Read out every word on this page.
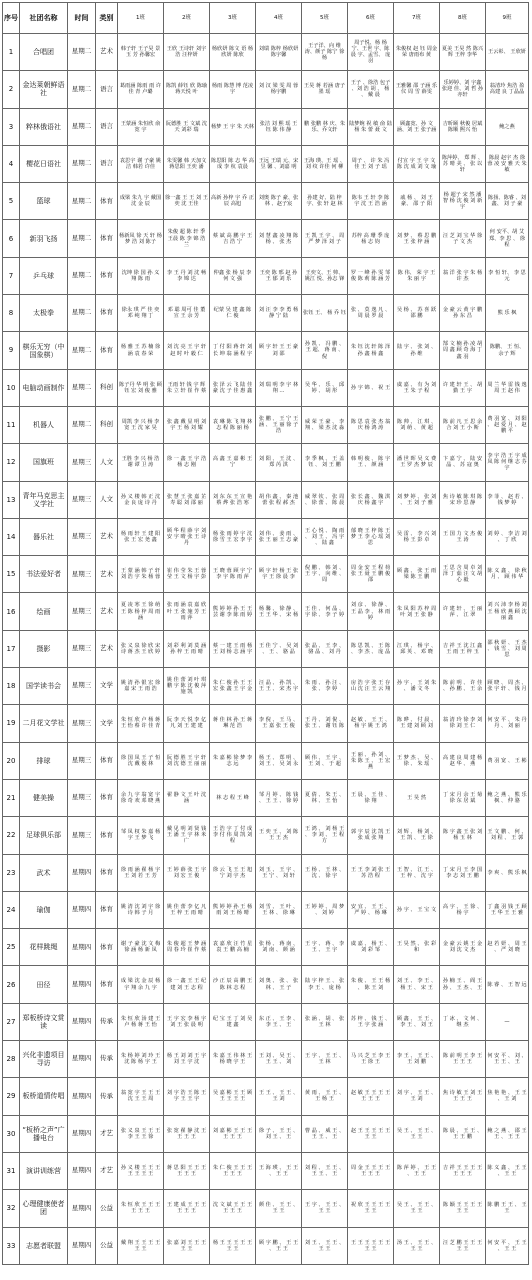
序号	社团名称	时间	类别	1班	2班	3班	4班	5班	6班	7班	8班	9班
1	合唱团	星期二	艺术	韩子轩 王子昊 景玉 芳 孙馨宏	王欣 王诗轩 刘宇浩 汪梓妍	杨欣妍 陈文 语 杨欣妍 陈欣	刘瑞 陈梓 杨欣妍 陈宇馨	王子洋、向 维涛、颜子 陈宁 徐杨	周子悦、杨 杨宁、王世 宇、陈晨 宇、孟雪、 庞羽	朱俊权 赵 钰 周金荣 唐雨布 黄	夏美 王昊 然 陈兴辉 王梓 李华	王云彰、 王欣妍
2	金达莱朝鲜语社	星期二	语言	葛雨涵 陈雨 雨 许佳 青 卢璐	陈凯 薛钰 欣 陈瑜 蒋天悦 叶	杨雨 陈慧 博 范凌宇	刘 汉 梁 雯 周 蓉 杨宇鹏	王昊 蒋 若涵 唐子 墨 瑶	王子 、徐浩 包子 、刘 浩 胡 、 杨 、 戴 晨	王雅馨 邵 子涵 乐仪 周 雪 薛雯	乐婷婷、刘 宇鑫 张迎 佳、刘 哲 孙亦轩	翁清玲 焦浩 盈 高建 良 丁晶晶
3	粹林俄语社	星期二	语言	王蒙涵 朱恒欣 俞宽 宇	阮德胜 王 文斌 沈 天 刘彩 瑞	杨梦 王 宇 朱 天林	张洁 刘 熙 瑶 王 钰 陈 伟 静	鹏 张鹏 林 庆、朱 乐、乔文轩	陆梦婉 祝 敏 俞 陆 杨 朱 蕾 聂 文	顾鑫宽、孙 文涵、刘 王 张子涵	吉昕颐 秋俊 居斌 陈顺 熙兴 怡	鲍之燕
4	樱花日语社	星期二	语言	袁思宇 谢 子豪 姚洁 韩若 许佳	朱雯馨 韩 天加文 蒋思阳 王奕 潘	陈思阳 陈 志 华 高成 李 杭 袁晨	王远 王瑞 元、宋昱 馨 、刘嘉 明	王海 瑛、王 瑶 、 刘 纹 许佳 何 柳	周子 、 许 朱 冯 佳 王 刘 子 瑶	付宣 宇 王 宇 文 陈 沈 成 刘 文 瑜	陈萍婷、 郑 辉 、 苏 晴 美 、 张 以 轩	陈晨 赵宇 杰 徐蓉 凌 安 雅 天 朱 敏
5	篮球	星期二	体育	成梁 朱九 宇 戴国 沈 金 辰	徐一鑫 王 王 刘 王奕 沈 王佳	高新 孙梓 宇 乔 正辰 高旭	刘奥 陈子 豪、张 林 、赵子宸	孙建 好、陆 梓 宇、张 轩 赵 林	陈韦 王 轩 李 陈 宇 沈 王 浩 涵	戚 杨 、 刘 王 豪、 邵 子 阳	杨 超子 宋 然 潘 智 杨 沈 俊 刘 新 宇	陈扬、陈睿 、刘鑫、 刘 子 豪
6	新羽飞扬	星期二	体育	杨新凤 徐 天 轩 杨梦 浩 刘 陈子	朱俊 超 陈 轩 季 王晨 陈 李 锦 浩 兰	蔡 斌 高 鹏 宇 王 吉 浩 宁	刘 慧 鑫 凌 翔 陈 杨 、 张 杰	王 凯 王 宇 、 周 严 梦 泽 刘 子	苏梓 高 珊 季 庞 杨 志 钧	刘 梦 、 蔡 思 鹏 王 张 梓 涵	汪 芝 刘 宝 华 徐 子 文 杰	何 安平、胡 艾 郑、李 思 、 徐 程
7	乒乓球	星期二	体育	沈坤 徐 国 孙 义 翔 陈 雨	李 王 丹 刘 沈 畅 李 锦 达	仲鑫 张 杨 辰 李 何 文 强	王奕 陈 邢 赵 孙 王 郁 刘 乐	王奕文、王 帅、姚江 悦、孙志 锋	罗 一 峰 孙 雯 邹 俊 陈 莉 陈 涵 芳	陈 伟、 荣 宇 王 朱 丽 宇	翁 洋 张 宇 朱 杨 许 杰	李 恒 轩、 李 思 元
8	太极拳	星期二	体育	徐永 琪 严 佳 奕 邓 纯 翔 丁	邓 聪 周可 佳 董 宣 王 余 芳	纪蒙 吴 建 鑫 陈 仁 俊	刘 汪 李 李 勇 杨 静 宁 陆	张钰 王、 杨 乔 钰	张 、 莫 逸 凡 、 周 晨 罗 晨	吴 杨 、 苏 喜 跃 邵 鹏	金 豪 云 黄 宇 鹏 孙 东 昌	熊 乐 枫
9	棋乐无穷（中国象棋）	星期二	体育	杨 雅 王 苏 楠 徐 涵 袁 春 荣	刘 沈 亮 王 宇 轩 赵 时 叶 毅 仁	丁 付 阳 蒋 轩 刘 长 坤 翁 涵 程 宇	顾 宇 轩 王 王 豪 刘 邵	孙 凯 、 冯 鹏 、 王 超、 蒋 南 、 倪	朱 钰 沈 轩 陈 泽 孙 鑫 杨 鑫	陆 宇 、 张 刘 、 孙 维	郜 文 楠 孙 凌 胡 周 鑫 顾 奇 海 丁 鑫 羽	陈鹏、 王 恒、 余子 辉
10	电脑动画制作	星期二	科创	陈子丹 华 明 张 顾 钰 宏 刘 俊 雅	王雨 轩 钱 宇 辉 朱 立 轩 崔 作 蔡	张 泽 云 飞 陆 佳 豪 沈 子 佳 惠 鑫	刘 瑞 明 李 宇 林 翔 ...	吴 华 、 乐 、 邱 婷 、 胡 彤	孙 宇 锦 、 祝 王	虞 嘉 、 有 为 刘 王 朱 子 程	许 建 轩 王 、 胡 勤 王 宇	周 兰 华 雷 钱 逸 周 王 赵 伟
11	机器人	星期二	科创	周凯 李 兴 杨 李 宽 王 沈 家 昊	张 鑫 戴 显 明 刘 宇 王 杨 刘 耀	袁 琳 陈 飞 翔 林 志 程 陈 丽 杨	张 鹏 、 王 宁 王 涵 、 王 丽 徐 子 浩	威 荣 王 豪 、 李 翔 、 梁 杰 沈 淼	陈 思 袁 张 杰 翁 庆 杨 鸿 涛	陈 帅 、 江 琪 、 刘 萌 、 黄 超	陈 前 凡 王 思 余 合 刘 王 小 斯	费 羽 宽 、 刘 阳 、 赵 爱 月 、 赵 鹏 平
12	国旗班	星期三	人文	王胜 李 兴 杨 浩 谢 谭 卫 涛	徐 一 鑫 王 宇 浩 杨 志 刚	高 鑫 王 嘉 彬 王 宁	刘 阳 、 王 沈 、 郑 芮 淇	李 季 枫 、 王 盖 钰 、 刘 王 鹏	韩 明 俊 、 陈 宇 王 、 颜 涵	潘 世 晖 吴 义 费 王 罗 杰 梦 辰	卞 嘉 宁 、 陆 安 晶 、 苏 寇 奥	李 宇 浩 王 宇 成 凤 陈 何 继 志 芬 宇
13	青年马克思主义学社	星期三	人文	孙 义 楼 韩 正 沈 金 良 庞 诗 丹	张 慧 王 张 嘉 芷 寿 聪 刘 邵 丽	刘 东 东 王 宣 艳 蔡 烨 张 浩 寒	胡 伟 鑫 、 秦 池 蕾 张 程 郝 杰	威 翠 钦 、 张 周 、 徐 蕾 、 陈 晨	张 长 鑫 、 魏 淇 庆 杨 鑫 宇	刘 梦 婷 、 张 刘 、 王 刘 子 雅	焦 诗 敏 陈 琪 陈 宋 珍 思 静	李 菲 、 赵 若 、 钱 梦 婷
14	器乐社	星期三	艺术	杨 雨 轩 王 建 阳 张 王 宏 尧 鑫	顾 华 程 薛 宇 刘 安 宇 晴 张 王 诗 丹	杨 张 雨 婷 宇 沈 徐 雪 王 宏 李 宇	刘 伟 、 姜 雨 、 张 王 丽 王 志 豪	王 心 悦 、 陶 雨 、 刘 王 、 冯 宇 、 陆 鑫	郁 晓 王 梓 陈 王 梦 王 李 心 瑶 刘 思	吴 雷 、 李 兴 刘 杨 王 彭 卓	王 国 力 文 杰 俊 王 涛	刘 婷 、 李 洁 刘 、 丁 欣
15	书法爱好者	星期三	艺术	王 蒙 涵 韩 子 轩 刘 浩 宇 朱 杨 蓉	崔 伟 莹 朱 王 蓉 莹 王 文 杨 宇 彭	王 晓 蓉 顾 宇 宁 李 宇 陈 雨 萍	顾 宇 轩 杨 王 张 宇 王 徐 晨 李	倪 鹏 、 韩 刘 、 王 宇 、 向 维 、 周	周 金 安 王 程 荷 张 王 聂 王 鹏 俊 邵	顾 鑫 、 张 王 雨 梁 陈 王 鹏	王 思 含 周 卓 刘 泽 丁 茹 汪 文 胡 心 毅	陈 义 鑫 、 徐 秋 月 、 顾 伟 华
16	绘画	星期三	艺术	夏 凌 寒 王 徐 萌 王 陈 杨 梓 周 雨 涵	张 雨 涵 袁 嘉 欣 叶 王 张 施 芳 王 雨 萍	熊 婷 婷 孙 王 王 芸 谢 李 陈 雨 婷	杨 馨 、 徐 静 、 王 王 华 、 宋 杨	王 佳 、 何 晶 、 宇 徐 、 李 子 婷	刘 彦 、 徐 静 、 王 晶 李 、 林 雨 婷	朱 凤 阳 苏 梓 周 叶 刘 王 张 静	许 建 轩 、 王 丽 萍 、 江 翠	刘 兴 沛 李 杨 刘 王 杨 欣 燕 顾 沈 丽 鑫
17	摄影	星期三	艺术	张 义 泉 徐 欣 宋 诗 蒋 杰 王 欣 婷	刘 彩 利 刘 莫 涵 孙 梓 王 雨 晴	蔡 一 建 王 雨 杨 王 刘 杨 志 涵 宇	王 佳 宁 、 吴 刘 、 王 、 骆 晶	张 晶 、 王 李 、 骆 晶 、 刘 丹	陈 思 凯 、 王 陈 、 李 杰 、 庞 晶	江 琪 、 杨 宇 、 邱 英 、 邓 晓	吉 祥 王 沈 江 鑫 王 雨 王 梓 玉	邵 秋 妍 、 王 杰 、 钱 雪 、 刘 周 思
18	国学读书会	星期三	文学	姚 清 孙 银 宏 徐 嘉 宋 王 雨 浩	姚 佳 蕾 刘 叶 琪 鹏 宇 陈 沈 俊 萍 施 凯	朱 仁 俊 孙 王 王 宏 张 鑫 王 宇 金	汪 晶 、 孙 凯 、 王 王 、 宋 杰 宇	朱 雨 、 孙 汪 、 张 、 李 婷	房 浩 宇 张 王 存 山 沈 汪 王 云 翔	孙 宇 、 王 刘 朱 、 潘 文 冬	陈 前 明 、 许 佳 、 孙 鹏 、 王 余	顾 晓 、 周 杰 、 张 宇 轩 、 钱 月
19	二月花文学社	星期三	文学	朱 恒 欣 卢 杨 蒋 王 怡 蔡 许 佳 青	阮 李 天 悦 李 亿 凡 刘 王 建 建	蒋 佳 林 孙 王 蒋 琳 范 浩	李 倪 、 王 马 、 王 嘉 张 王 俊	王 丹 、 刘 倪 、 张 王 、 谢 钰 陈	赵 敏 、 王 王 、 杨 宇 姚 王 鸿	陈 晔 、 付 晨 、 王 建 刘 顾 刘	翁 清 玲 徐 李 刘 徐 刘 王 仁	何 安 平 、 朱 丹 丹 、 刘 丽
20	排球	星期三	体育	徐 国 凤 王 子 恒 沈 戴 俊 林	阮 德 胜 王 宇 轩 刘 沈 德 王 丽 丽	朱 嘉 彬 徐 梦 李 志 远	杨 王 、 郑 明 、 刘 王 、 吴 刘 永	顾 伟 、 王 宇 、 王 刘 、 于 超	王 丽 、 孙 刘 、 朱 陈 王 、 王 宏 燕	王 梦 杰 、 吴 、 徐 、 朱 瑶	高 建 良 周 建 杨 赵 华 、 燕	费 羽 宽 、 王 彬
21	健美操	星期三	体育	余 九 宇 翁 宽 宇 徐 奇 欢 邓 晓 燕	翟 静 文 王 叶 沈 涵	林 志 程 王 峰	邹 月 婷 、 陈 钱 、 王 王 、 徐 婷	夏 倩 、 朱 王 、 林 、 王 怡	王 晨 、 王 佳 、 徐 翔	王 昊 然	丁 宋 月 余 王 菊 徐 东 居 斌	鲍 之 燕 、 熊 乐 枫 、 仲 骆
22	足球俱乐部	星期三	体育	邹 凤 权 朱 嘉 杨 宇 王 梦 飞	戴 见 明 刘 贤 钱 王 潘 王 宇 林 米 广	王 浩 宇 丁 付 成 李 付 伟 周 凯 刘 程	王 奕 王 、 刘 陈 王 王 杰	王 鸿 、 刘 杨 王 、 李 刘 、 王 程 方	郭 宇 辰 沈 凯 王 张 成 张 翔	刘 辉 、 杨 刘 、 王 凯 、 王 徐	陈 宇 鑫 王 张 刘 杨 玉 林	王 文 鹏 、 何 、 刘 程 、 王 郭
23	武术	星期四	体育	徐 雨 涵 翟 杨 宇 王 刘 若 王 芳	王 婷 薛 张 王 宇 刘 宏 王 俊	徐 云 飞 王 王 旭 宁 刘 宇 杰	刘 玉 、 王 宇 、 王 宁 、 刘 轩	王 杨 、 王 林 、 沈 、 徐 宇	王 王 李 刘 张 王 苏 浩 程	王 智 、 江 王 、 王 梓 、 沈 宇	丁 宋 月 王 李 国 李 志 刘 王 鹏	李 爽 、 熊 乐 枫
24	瑜伽	星期四	体育	姚 清 沈 刘 宇 徐 诗 韩 子 月	姚 佳 蕾 李 亿 凡 王 梓 王 雨 晴	熊 婷 婷 孙 王 杨 雨 刘 王 杨 晴	刘 雪 、 王 叶 、 王 林 、 徐 琳	王 婷 婷 、 周 梦 、 刘 婷	安 宜 、 王 王 、 严 婷 、 杨 琳	孙 宇 、 王 宝 文	高 宇 、 王 徐 、 杨 宇	丁 鑫 羽 钱 王 顾 王 华 王 王 雅
25	花样跳绳	星期四	体育	谢 子 豪 沈 文 梅 徐 涵 杨 新 凤	朱 俊 超 王 梦 涵 周 春 玲 崔 作 蔡	袁 嘉 欣 汪 竹 星 袁 王 鹏 高 楠	张 杨 、 蒋 南 、 刘 南 、 颜 涵	王 宇 、 蒋 、 李 王 、 王 宇	虞 嘉 、 杨 王 、 刘 彩 邹	王 昊 然 、 张 彩 和	金 豪 云 姚 王 金 刘 沈 文 杰	赵 若 妍 、 周 王 、 严 刘 晓
26	田径	星期四	体育	成 梁 沈 金 辰 杨 宇 翔 余 九 宇	徐 一 鑫 王 王 纪 建 刘 王 志 程	沙 正 辰 高 鹏 王 陈 林 志 程	刘 奥 、 张 、 张 林 、 王 子	陆 宇 梓 王 、 张 李 王 、 庞 杨	朱 俊 、 王 王 杨 、 陈 王 刘	刘 王 、 李 王 、 杨 王 、 宋 王	孙 楠 王 、 阎 王 孙 、 王 杰 、 王	陈 睿 、 王 智 远
27	郑板桥诗文赏读	星期四	传承	朱 恒 欣 汤 建 王 卢 杨 蒋 王 怡	王 宇 宏 李 杨 宇 刘 王 张 晨 明	纪 宝 王 丁 刘 吴 建 鑫	东 正 、 王 李 、 李 王 、 王	张 涵 、 胡 、 张 王 林	苏 梓 、 钱 王 、 王 宇 张 涵	顾 鑫 、 王 王 、 李 王 、 刘 王	丁 冰 、 文 何 、 继 杰	—
28	兴化非遗项目寻访	星期四	传承	朱 杨 婷 刘 玲 王 沈 陈 杨 宇 王	杨 王 刘 刘 王 宇 刘 王 宇 沈	朱 嘉 王 伟 林 王 杨 晓 宇 王	王 刘 、 吴 王 、 王 王 、 刘	王 宇 、 王 王 、 王 林	马 兴 芝 王 李 王 王 徐 王	李 王 、 王 王 、 王 刘 鹏	陈 前 明 王 李 王 王 王 王	何 安 平 、 刘 、 王 王 、 王
29	板桥道情传唱	星期四	传承	翁 宽 宇 王 王 王 沈 王 王 周	刘 宇 浩 王 陈 王 宇 王 王 宇	吴 嘉 彬 王 王 顾 王 王 王 王	王 王 、 王 王 、 王 刘	黄 雨 、 王 王 、 王 杨 王	赵 敏 王 王 王 王 王 王 王	刘 宇 、 王 王 、 王 刘	焦 诗 敏 王 刘 王 王 王 王	焦 艳 艳 、 王 王 、 王 刘
30	“板桥之声”广播电台	星期四	才艺	张 义 泉 王 王 王 李 王 王 徐	张 宽 翟 静 沈 王 王 王 王	刘 嘉 彬 王 王 王 王 王 王	徐 子 、 王 王 、 刘 王 、 王	曹 晶 、 威 王 、 王 王 、 王	赵 王 王 王 王 王 王 王	吴 王 、 王 王 、 王 王	陈 晨 、 王 王 、 王 王 鹏	鲍 之 燕 、 邵 王 王 、 王 王
31	演讲训练营	星期四	才艺	孙 义 楼 王 王 王 王 王 王 王	蒋 思 阳 王 王 王 王 王 王	朱 仁 俊 王 王 王 王 王 王	王 海 瑛 、 王 王 、 王 王	刘 程 、 王 王 、 王 王 、 王	周 金 王 王 王 王 王 王 王	陈 萍 婷 、 王 王 、 王 王	吉 祥 王 王 王 王 王 王 王	陈 义 鑫 、 王 王 、 王 王
32	心理健康使者团	星期四	公益	朱 恒 欣 王 王 王 王 王 王	王 建 成 王 王 王 王 王 王	沈 文 斌 王 王 王 王 王 王	颜 佳 、 王 王 、 王 王	王 宇 、 王 王 、 王 王	祝 欣 王 王 王 王 王 王	吴 王 、 王 王 、 王 王	陈 颖 王 王 王 王 王 王	陈 鹏 王 王 、 王 王
33	志愿者联盟	星期四	公益	戴 翔 王 王 王 王 王 王	张 嘉 刘 王 王 王 王 王	杨 王 王 王 王 王 王 王	顾 宇 鹏 、 王 王 、 王 王	刘 王 、 王 王 、 王 王	王 王 王 王 王 王 王 王	汤 王 、 王 王 、 王 王	汪 芝 鹏 王 王 王 王 王	何 安 平 、 王 王 、 王 王
